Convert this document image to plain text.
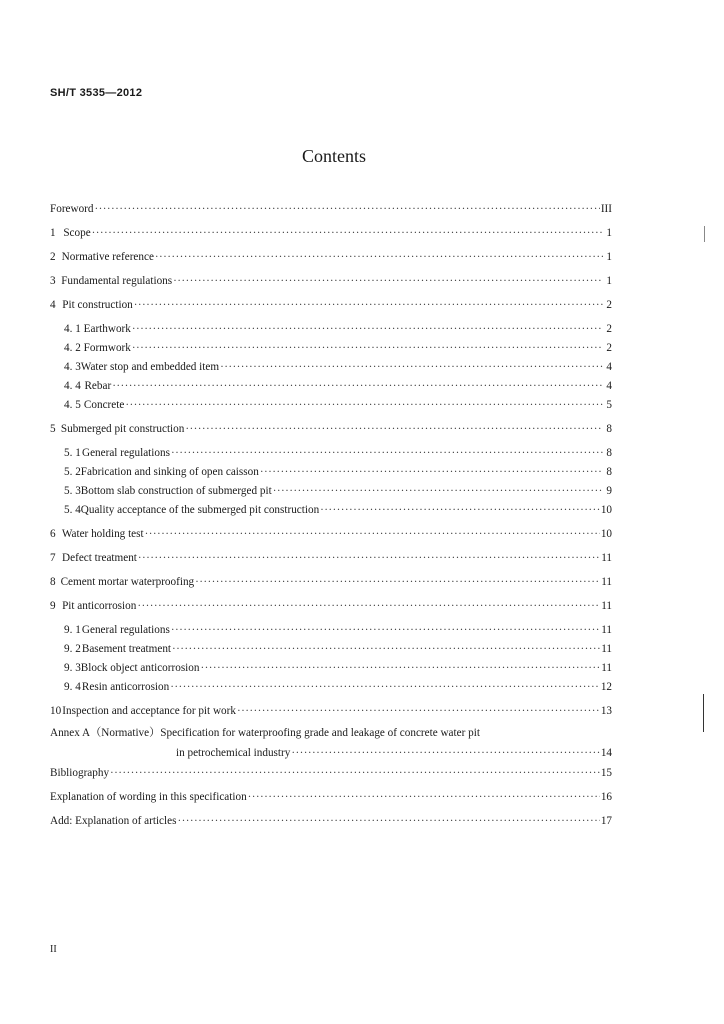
SH/T 3535—2012
Contents
Foreword ·····	III
1 Scope ·····	1
2 Normative reference ·····	1
3 Fundamental regulations ·····	1
4 Pit construction ·····	2
4. 1 Earthwork ·····	2
4. 2 Formwork ·····	2
4. 3 Water stop and embedded item ·····	4
4. 4 Rebar ·····	4
4. 5 Concrete ·····	5
5 Submerged pit construction ·····	8
5. 1 General regulations ·····	8
5. 2 Fabrication and sinking of open caisson ·····	8
5. 3 Bottom slab construction of submerged pit ·····	9
5. 4 Quality acceptance of the submerged pit construction ·····	10
6 Water holding test ·····	10
7 Defect treatment ·····	11
8 Cement mortar waterproofing ·····	11
9 Pit anticorrosion ·····	11
9. 1 General regulations ·····	11
9. 2 Basement treatment ·····	11
9. 3 Block object anticorrosion ·····	11
9. 4 Resin anticorrosion ·····	12
10 Inspection and acceptance for pit work ·····	13
Annex A（Normative）Specification for waterproofing grade and leakage of concrete water pit
in petrochemical industry ·····	14
Bibliography ·····	15
Explanation of wording in this specification ·····	16
Add: Explanation of articles ·····	17
II
